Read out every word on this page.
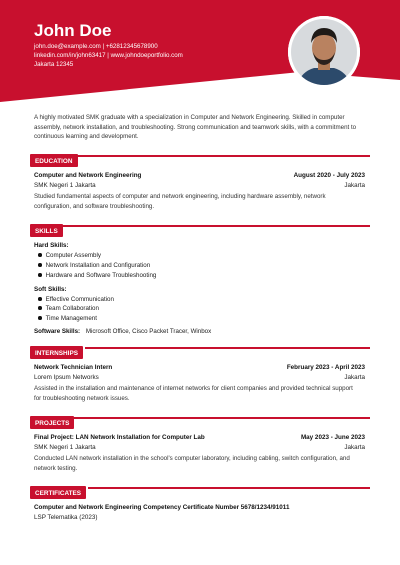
John Doe
john.doe@example.com | +62812345678900
linkedin.com/in/john63417 | www.johndoeportfolio.com
Jakarta 12345
A highly motivated SMK graduate with a specialization in Computer and Network Engineering. Skilled in computer assembly, network installation, and troubleshooting. Strong communication and teamwork skills, with a commitment to continuous learning and development.
EDUCATION
Computer and Network Engineering	August 2020 - July 2023
SMK Negeri 1 Jakarta	Jakarta
Studied fundamental aspects of computer and network engineering, including hardware assembly, network configuration, and software troubleshooting.
SKILLS
Hard Skills:
Computer Assembly
Network Installation and Configuration
Hardware and Software Troubleshooting
Soft Skills:
Effective Communication
Team Collaboration
Time Management
Software Skills: Microsoft Office, Cisco Packet Tracer, Winbox
INTERNSHIPS
Network Technician Intern	February 2023 - April 2023
Lorem Ipsum Networks	Jakarta
Assisted in the installation and maintenance of internet networks for client companies and provided technical support for troubleshooting network issues.
PROJECTS
Final Project: LAN Network Installation for Computer Lab	May 2023 - June 2023
SMK Negeri 1 Jakarta	Jakarta
Conducted LAN network installation in the school's computer laboratory, including cabling, switch configuration, and network testing.
CERTIFICATES
Computer and Network Engineering Competency Certificate Number 5678/1234/91011
LSP Telematika (2023)
